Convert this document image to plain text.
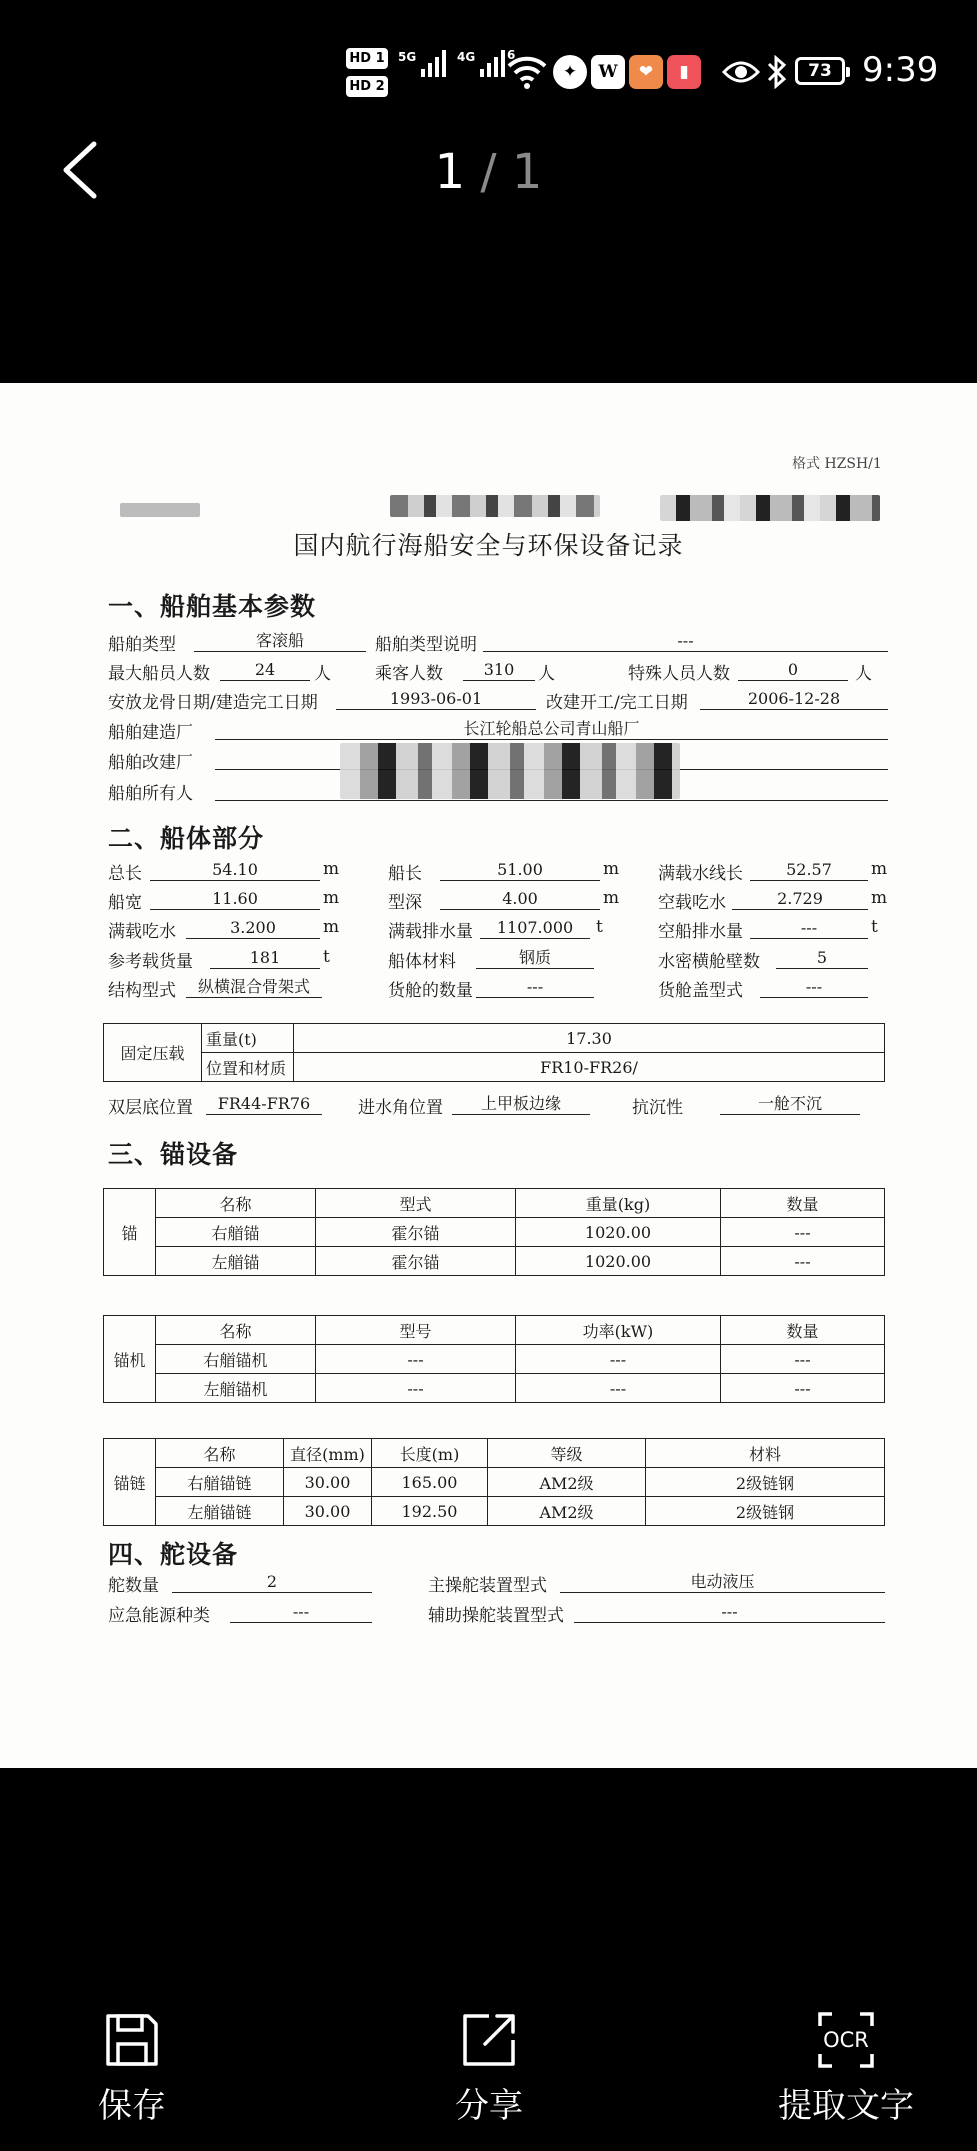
HD 1
HD 2
5G	4G	6
✦	W	❤	▮	73 9:39
1 / 1
格式 HZSH/1
国内航行海船安全与环保设备记录
一、船舶基本参数
船舶类型	客滚船	船舶类型说明	---
最大船员人数	24	人	乘客人数	310	人	特殊人员人数	0	人
安放龙骨日期/建造完工日期	1993-06-01	改建开工/完工日期	2006-12-28
船舶建造厂	长江轮船总公司青山船厂
船舶改建厂
船舶所有人
二、船体部分
总长	54.10	m	船长	51.00	m 满载水线长	52.57	m
船宽	11.60	m	型深	4.00	m 空载吃水	2.729	m
满载吃水	3.200	m	满载排水量	1107.000	t	空船排水量	---	t
参考载货量	181	t	船体材料	钢质	水密横舱壁数	5
结构型式	纵横混合骨架式	货舱的数量	---	货舱盖型式	---
固定压载	重量(t)	17.30
	位置和材质	FR10-FR26/
双层底位置	FR44-FR76	进水角位置	上甲板边缘	抗沉性	一舱不沉
三、锚设备
锚	名称	型式	重量(kg)	数量
	右艏锚	霍尔锚	1020.00	---
	左艏锚	霍尔锚	1020.00	---
锚机	名称	型号	功率(kW)	数量
	右艏锚机	---	---	---
	左艏锚机	---	---	---
锚链	名称	直径(mm)	长度(m)	等级	材料
	右艏锚链	30.00	165.00	AM2级	2级链钢
	左艏锚链	30.00	192.50	AM2级	2级链钢
四、舵设备
舵数量	2	主操舵装置型式	电动液压
应急能源种类	---	辅助操舵装置型式	---
保存	分享
OCR
提取文字
